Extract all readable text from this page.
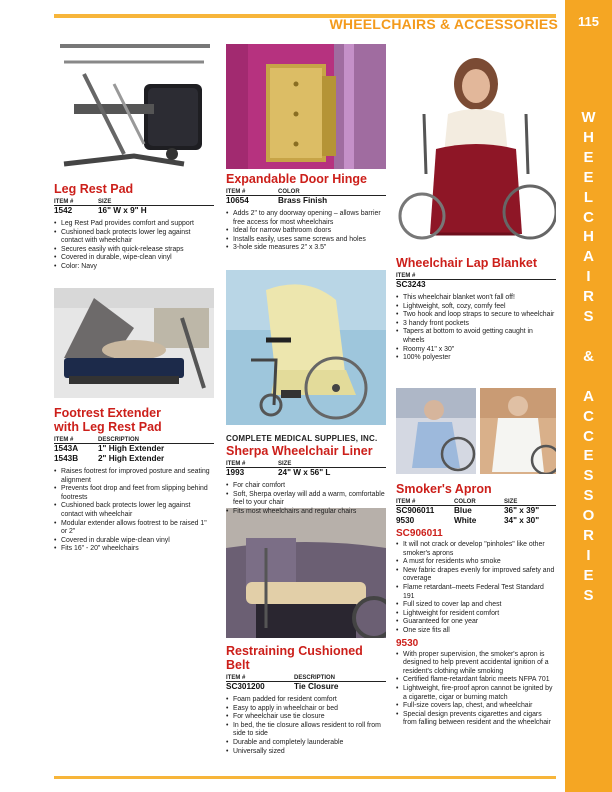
WHEELCHAIRS & ACCESSORIES	115
W
H
E
E
L
C
H
A
I
R
S

&

A
C
C
E
S
S
O
R
I
E
S
Leg Rest Pad
ITEM #	SIZE
1542	16" W x 9" H
• Leg Rest Pad provides comfort and support
• Cushioned back protects lower leg against contact with wheelchair
• Secures easily with quick-release straps
• Covered in durable, wipe-clean vinyl
• Color: Navy
Footrest Extender
with Leg Rest Pad
ITEM #	DESCRIPTION
1543A	1" High Extender
1543B	2" High Extender
• Raises footrest for improved posture and seating alignment
• Prevents foot drop and feet from slipping behind footrests
• Cushioned back protects lower leg against contact with wheelchair
• Modular extender allows footrest to be raised 1" or 2"
• Covered in durable wipe-clean vinyl
• Fits 16" - 20" wheelchairs
Expandable Door Hinge
ITEM #	COLOR
10654	Brass Finish
• Adds 2" to any doorway opening – allows barrier free access for most wheelchairs
• Ideal for narrow bathroom doors
• Installs easily, uses same screws and holes
• 3-hole side measures 2" x 3.5"
COMPLETE MEDICAL SUPPLIES, INC.
Sherpa Wheelchair Liner
ITEM #	SIZE
1993	24" W x 56" L
• For chair comfort
• Soft, Sherpa overlay will add a warm, comfortable feel to your chair
• Fits most wheelchairs and regular chairs
Restraining Cushioned Belt
ITEM #	DESCRIPTION
SC301200	Tie Closure
• Foam padded for resident comfort
• Easy to apply in wheelchair or bed
• For wheelchair use tie closure
• In bed, the tie closure allows resident to roll from side to side
• Durable and completely launderable
• Universally sized
Wheelchair Lap Blanket
ITEM #
SC3243
• This wheelchair blanket won't fall off!
• Lightweight, soft, cozy, comfy feel
• Two hook and loop straps to secure to wheelchair
• 3 handy front pockets
• Tapers at bottom to avoid getting caught in wheels
• Roomy 41" x 30"
• 100% polyester
Smoker's Apron
ITEM #	COLOR	SIZE
SC906011	Blue	36" x 39"
9530	White	34" x 30"
SC906011
• It will not crack or develop "pinholes" like other smoker's aprons
• A must for residents who smoke
• New fabric drapes evenly for improved safety and coverage
• Flame retardant–meets Federal Test Standard 191
• Full sized to cover lap and chest
• Lightweight for resident comfort
• Guaranteed for one year
• One size fits all
9530
• With proper supervision, the smoker's apron is designed to help prevent accidental ignition of a resident's clothing while smoking
• Certified flame-retardant fabric meets NFPA 701
• Lightweight, fire-proof apron cannot be ignited by a cigarette, cigar or burning match
• Full-size covers lap, chest, and wheelchair
• Special design prevents cigarettes and cigars from falling between resident and the wheelchair
